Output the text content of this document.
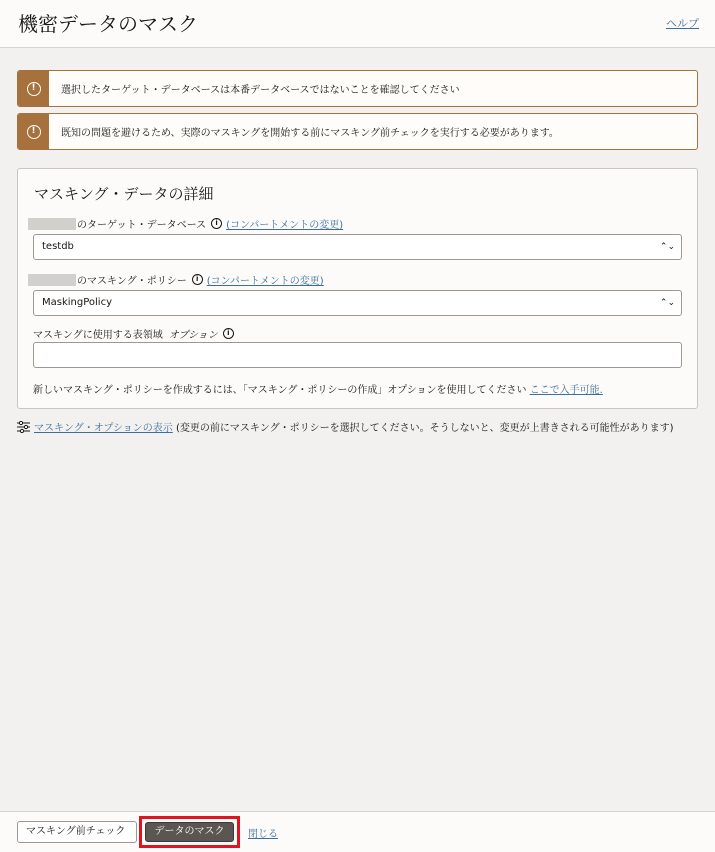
機密データのマスク	ヘルプ
!	選択したターゲット・データベースは本番データベースではないことを確認してください
!	既知の問題を避けるため、実際のマスキングを開始する前にマスキング前チェックを実行する必要があります。
マスキング・データの詳細
のターゲット・データベース	i (コンパートメントの変更)
testdb	⌃⌄
のマスキング・ポリシー	i (コンパートメントの変更)
MaskingPolicy	⌃⌄
マスキングに使用する表領域 オプション	i
新しいマスキング・ポリシーを作成するには、「マスキング・ポリシーの作成」オプションを使用してください ここで入手可能.
マスキング・オプションの表示 (変更の前にマスキング・ポリシーを選択してください。そうしないと、変更が上書きされる可能性があります)
マスキング前チェック	データのマスク	閉じる
